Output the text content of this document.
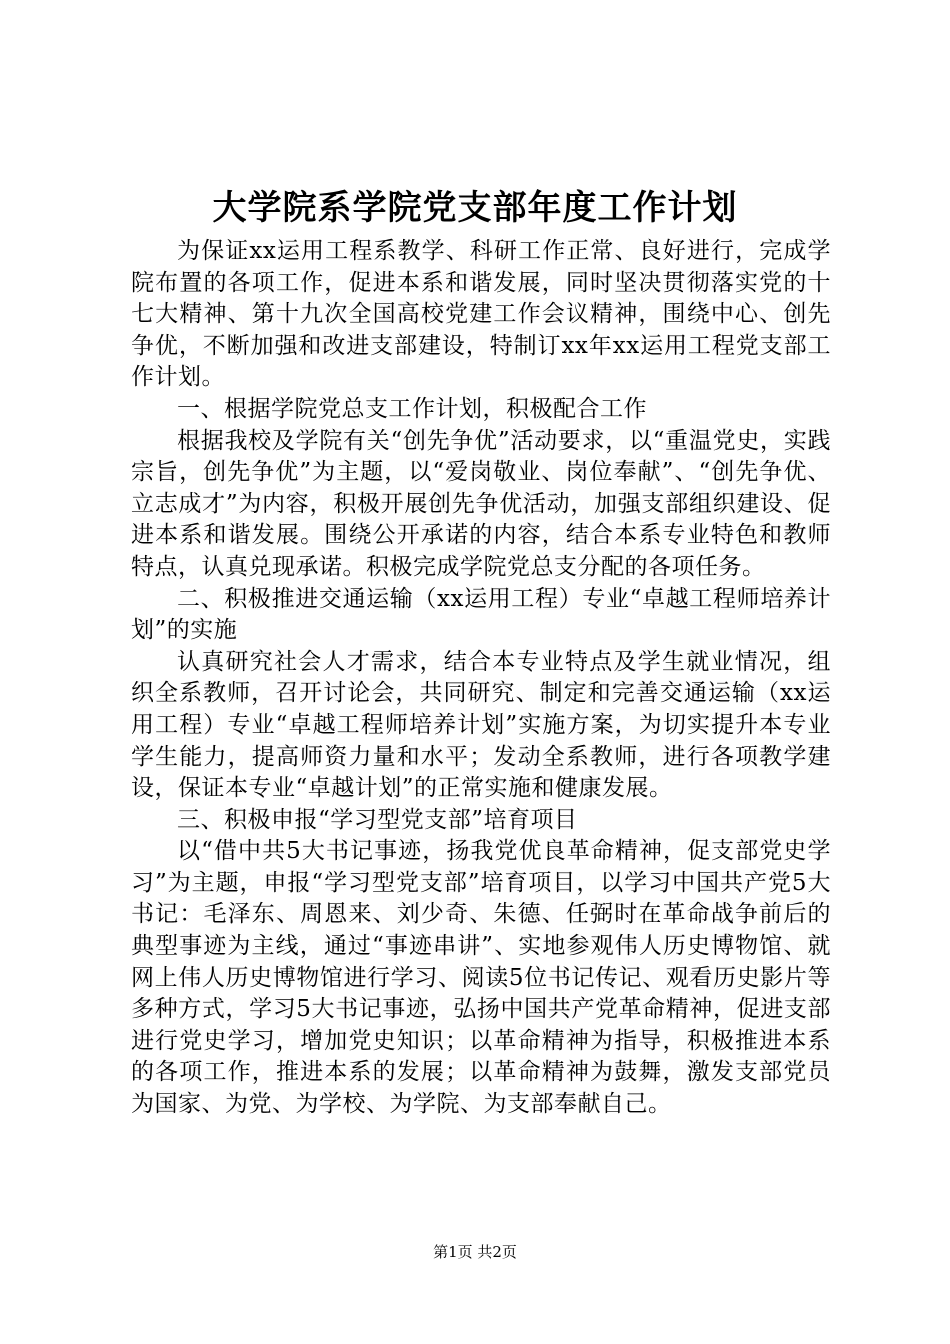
大学院系学院党支部年度工作计划

为保证xx运用工程系教学、科研工作正常、良好进行，完成学院布置的各项工作，促进本系和谐发展，同时坚决贯彻落实党的十七大精神、第十九次全国高校党建工作会议精神，围绕中心、创先争优，不断加强和改进支部建设，特制订xx年xx运用工程党支部工作计划。

一、根据学院党总支工作计划，积极配合工作

根据我校及学院有关“创先争优”活动要求，以“重温党史，实践宗旨，创先争优”为主题，以“爱岗敬业、岗位奉献”、“创先争优、立志成才”为内容，积极开展创先争优活动，加强支部组织建设、促进本系和谐发展。围绕公开承诺的内容，结合本系专业特色和教师特点，认真兑现承诺。积极完成学院党总支分配的各项任务。

二、积极推进交通运输（xx运用工程）专业“卓越工程师培养计划”的实施

认真研究社会人才需求，结合本专业特点及学生就业情况，组织全系教师，召开讨论会，共同研究、制定和完善交通运输（xx运用工程）专业“卓越工程师培养计划”实施方案，为切实提升本专业学生能力，提高师资力量和水平；发动全系教师，进行各项教学建设，保证本专业“卓越计划”的正常实施和健康发展。

三、积极申报“学习型党支部”培育项目

以“借中共5大书记事迹，扬我党优良革命精神，促支部党史学习”为主题，申报“学习型党支部”培育项目，以学习中国共产党5大书记：毛泽东、周恩来、刘少奇、朱德、任弼时在革命战争前后的典型事迹为主线，通过“事迹串讲”、实地参观伟人历史博物馆、就网上伟人历史博物馆进行学习、阅读5位书记传记、观看历史影片等多种方式，学习5大书记事迹，弘扬中国共产党革命精神，促进支部进行党史学习，增加党史知识；以革命精神为指导，积极推进本系的各项工作，推进本系的发展；以革命精神为鼓舞，激发支部党员为国家、为党、为学校、为学院、为支部奉献自己。

第1页 共2页
